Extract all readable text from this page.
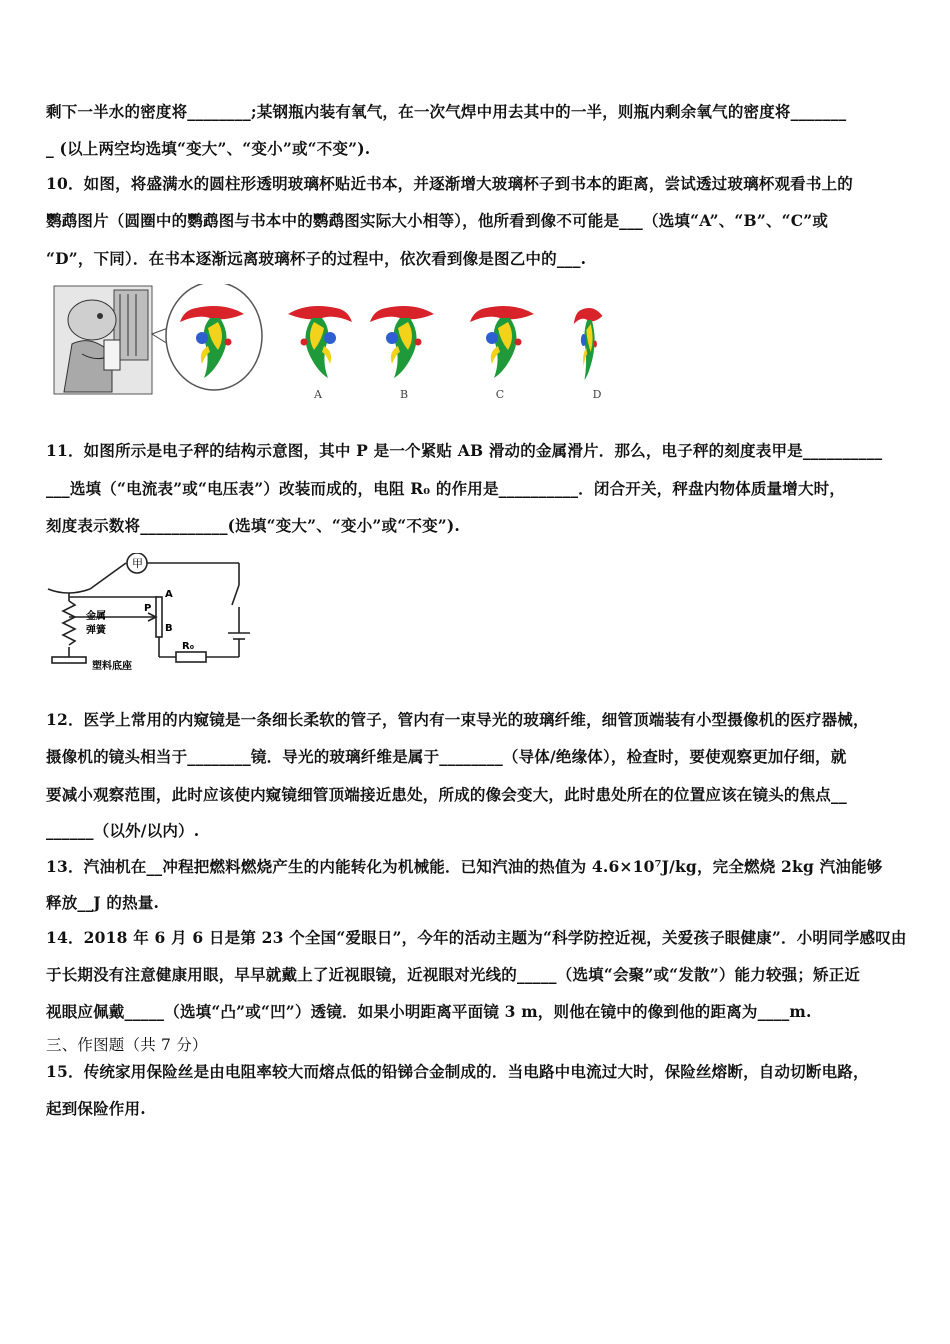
剩下一半水的密度将________;某钢瓶内装有氧气，在一次气焊中用去其中的一半，则瓶内剩余氧气的密度将_______
_ (以上两空均选填“变大”、“变小”或“不变”).
10．如图，将盛满水的圆柱形透明玻璃杯贴近书本，并逐渐增大玻璃杯子到书本的距离，尝试透过玻璃杯观看书上的
鹦鹉图片（圆圈中的鹦鹉图与书本中的鹦鹉图实际大小相等），他所看到像不可能是___（选填“A”、“B”、“C”或
“D”，下同）．在书本逐渐远离玻璃杯子的过程中，依次看到像是图乙中的___.
A	B	C	D
11．如图所示是电子秤的结构示意图，其中 P 是一个紧贴 AB 滑动的金属滑片．那么，电子秤的刻度表甲是__________
___选填（“电流表”或“电压表”）改装而成的，电阻 R₀ 的作用是__________．闭合开关，秤盘内物体质量增大时，
刻度表示数将___________(选填“变大”、“变小”或“不变”).
甲
金属
弹簧
塑料底座
A
B
P
R₀
12．医学上常用的内窥镜是一条细长柔软的管子，管内有一束导光的玻璃纤维，细管顶端装有小型摄像机的医疗器械，
摄像机的镜头相当于________镜．导光的玻璃纤维是属于________（导体/绝缘体），检查时，要使观察更加仔细，就
要减小观察范围，此时应该使内窥镜细管顶端接近患处，所成的像会变大，此时患处所在的位置应该在镜头的焦点__
______（以外/以内）.
13．汽油机在__冲程把燃料燃烧产生的内能转化为机械能．已知汽油的热值为 4.6×10⁷J/kg，完全燃烧 2kg 汽油能够
释放__J 的热量.
14．2018 年 6 月 6 日是第 23 个全国“爱眼日”，今年的活动主题为“科学防控近视，关爱孩子眼健康”．小明同学感叹由
于长期没有注意健康用眼，早早就戴上了近视眼镜，近视眼对光线的_____（选填“会聚”或“发散”）能力较强；矫正近
视眼应佩戴_____（选填“凸”或“凹”）透镜．如果小明距离平面镜 3 m，则他在镜中的像到他的距离为____m.
三、作图题（共 7 分）
15．传统家用保险丝是由电阻率较大而熔点低的铅锑合金制成的．当电路中电流过大时，保险丝熔断，自动切断电路，
起到保险作用.
